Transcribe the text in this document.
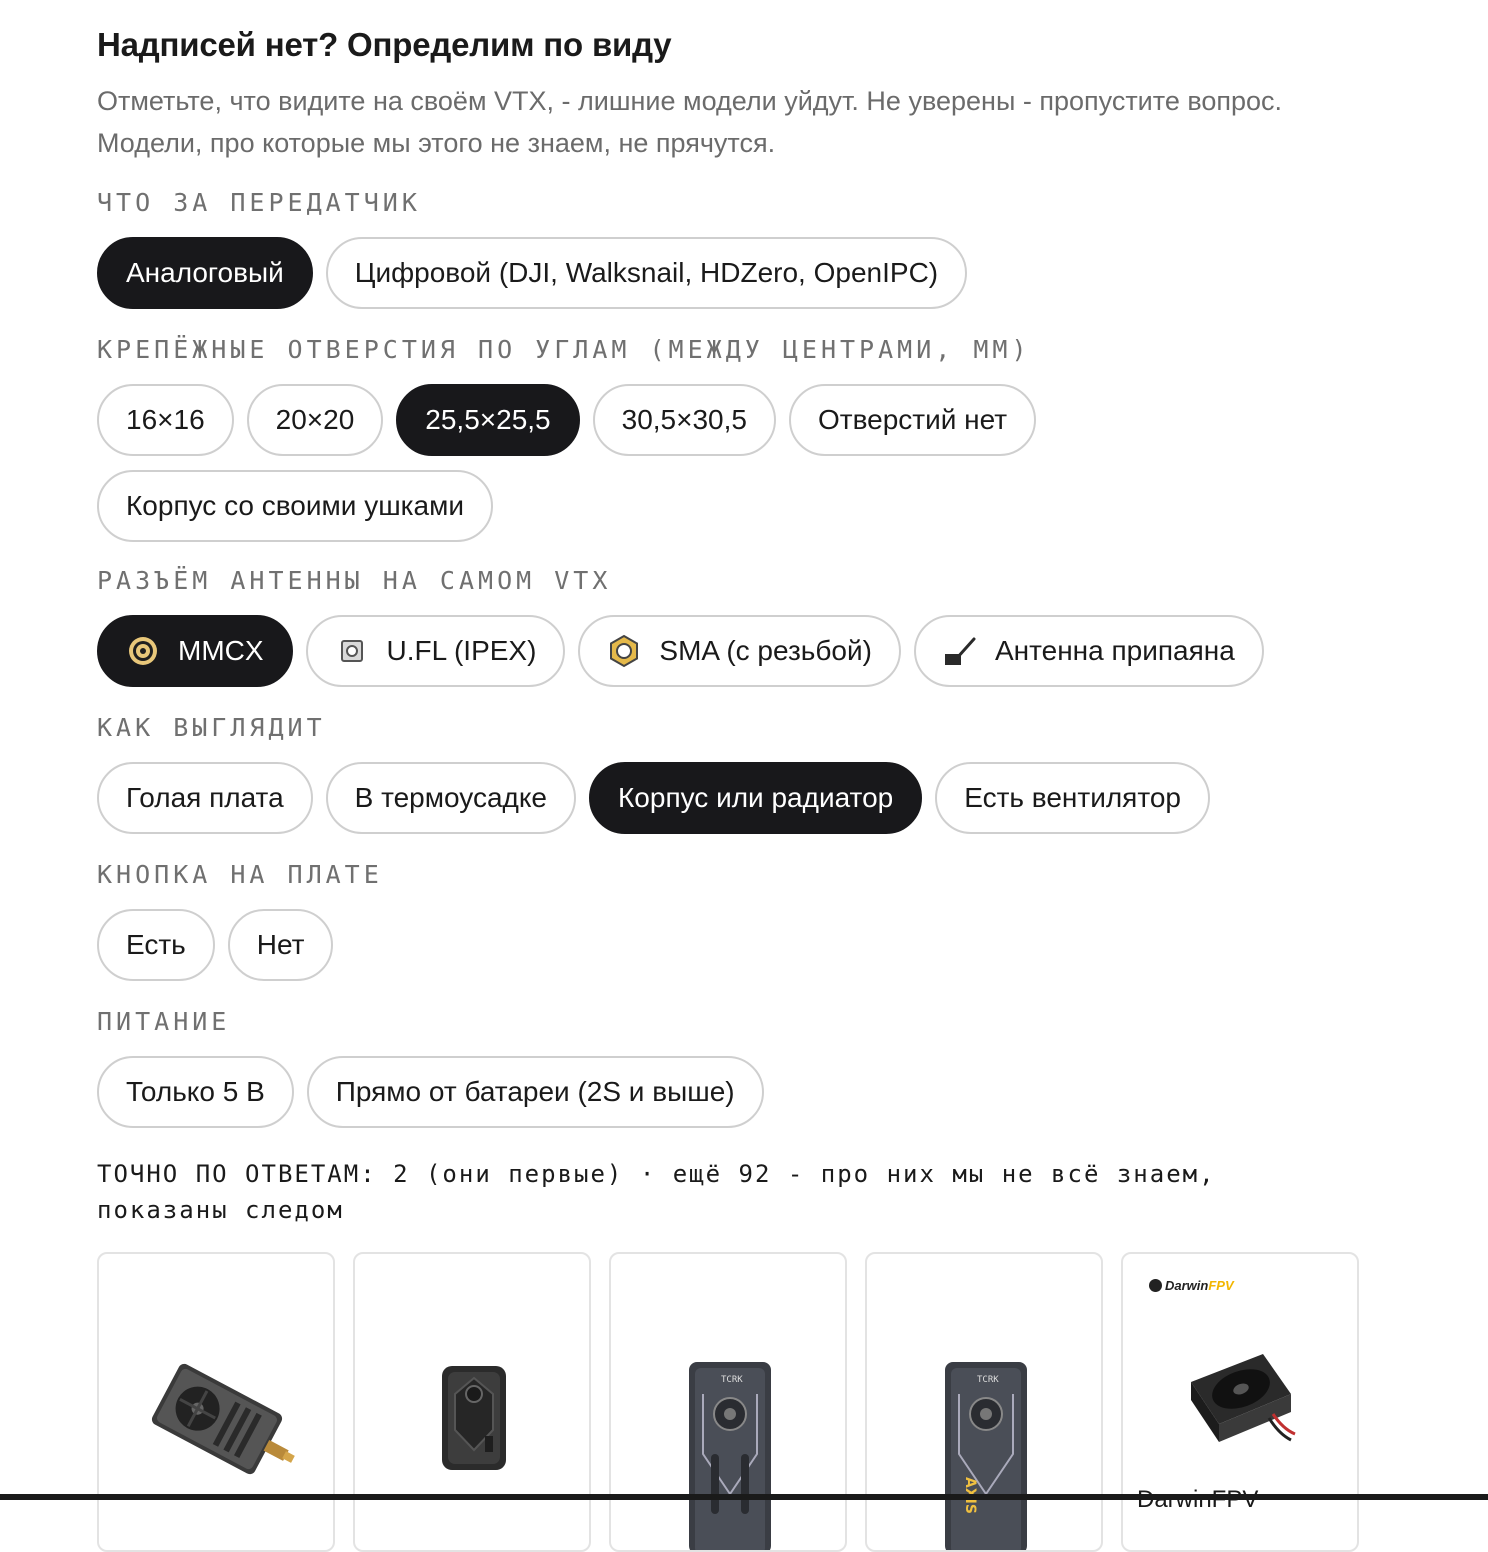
Надписей нет? Определим по виду

Отметьте, что видите на своём VTX, - лишние модели уйдут. Не уверены - пропустите вопрос. Модели, про которые мы этого не знаем, не прячутся.

ЧТО ЗА ПЕРЕДАТЧИК

Аналоговый	Цифровой (DJI, Walksnail, HDZero, OpenIPC)

КРЕПЁЖНЫЕ ОТВЕРСТИЯ ПО УГЛАМ (МЕЖДУ ЦЕНТРАМИ, ММ)

16×16	20×20	25,5×25,5	30,5×30,5	Отверстий нет
Корпус со своими ушками

РАЗЪЁМ АНТЕННЫ НА САМОМ VTX

MMCX	U.FL (IPEX)	SMA (с резьбой)	Антенна припаяна

КАК ВЫГЛЯДИТ

Голая плата	В термоусадке	Корпус или радиатор	Есть вентилятор

КНОПКА НА ПЛАТЕ

Есть	Нет

ПИТАНИЕ

Только 5 В	Прямо от батареи (2S и выше)

ТОЧНО ПО ОТВЕТАМ: 2 (они первые) · ещё 92 - про них мы не всё знаем, показаны следом

TCRK	TCRK
DarwinFPV
